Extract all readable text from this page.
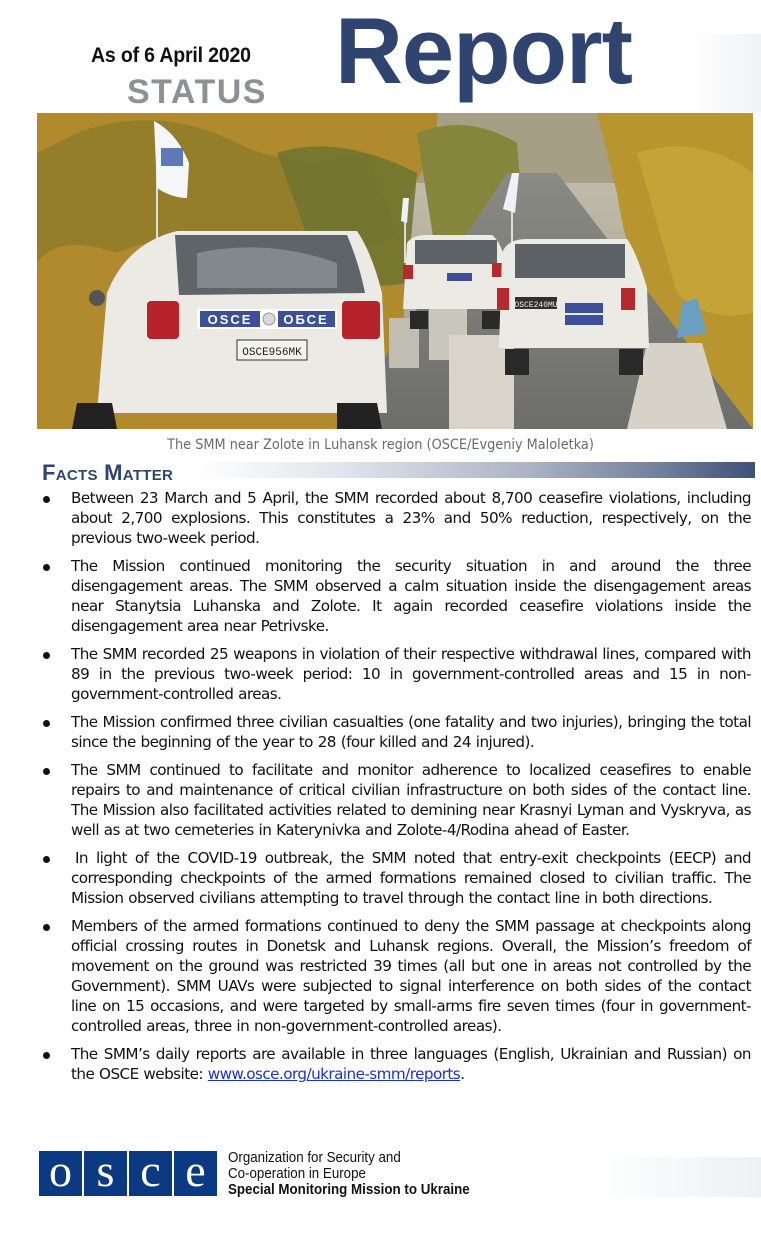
As of 6 April 2020
STATUS Report
OSCE ОБСЕ
OSCE956MK
OSCE240MU
The SMM near Zolote in Luhansk region (OSCE/Evgeniy Maloletka)
Facts Matter
Between 23 March and 5 April, the SMM recorded about 8,700 ceasefire violations, including about 2,700 explosions. This constitutes a 23% and 50% reduction, respectively, on the previous two-week period.
The Mission continued monitoring the security situation in and around the three disengagement areas. The SMM observed a calm situation inside the disengagement areas near Stanytsia Luhanska and Zolote. It again recorded ceasefire violations inside the disengagement area near Petrivske.
The SMM recorded 25 weapons in violation of their respective withdrawal lines, compared with 89 in the previous two-week period: 10 in government-controlled areas and 15 in non-government-controlled areas.
The Mission confirmed three civilian casualties (one fatality and two injuries), bringing the total since the beginning of the year to 28 (four killed and 24 injured).
The SMM continued to facilitate and monitor adherence to localized ceasefires to enable repairs to and maintenance of critical civilian infrastructure on both sides of the contact line. The Mission also facilitated activities related to demining near Krasnyi Lyman and Vyskryva, as well as at two cemeteries in Katerynivka and Zolote-4/Rodina ahead of Easter.
In light of the COVID-19 outbreak, the SMM noted that entry-exit checkpoints (EECP) and corresponding checkpoints of the armed formations remained closed to civilian traffic. The Mission observed civilians attempting to travel through the contact line in both directions.
Members of the armed formations continued to deny the SMM passage at checkpoints along official crossing routes in Donetsk and Luhansk regions. Overall, the Mission’s freedom of movement on the ground was restricted 39 times (all but one in areas not controlled by the Government). SMM UAVs were subjected to signal interference on both sides of the contact line on 15 occasions, and were targeted by small-arms fire seven times (four in government-controlled areas, three in non-government-controlled areas).
The SMM’s daily reports are available in three languages (English, Ukrainian and Russian) on the OSCE website: www.osce.org/ukraine-smm/reports.
o s c e	Organization for Security and
Co-operation in Europe
Special Monitoring Mission to Ukraine
